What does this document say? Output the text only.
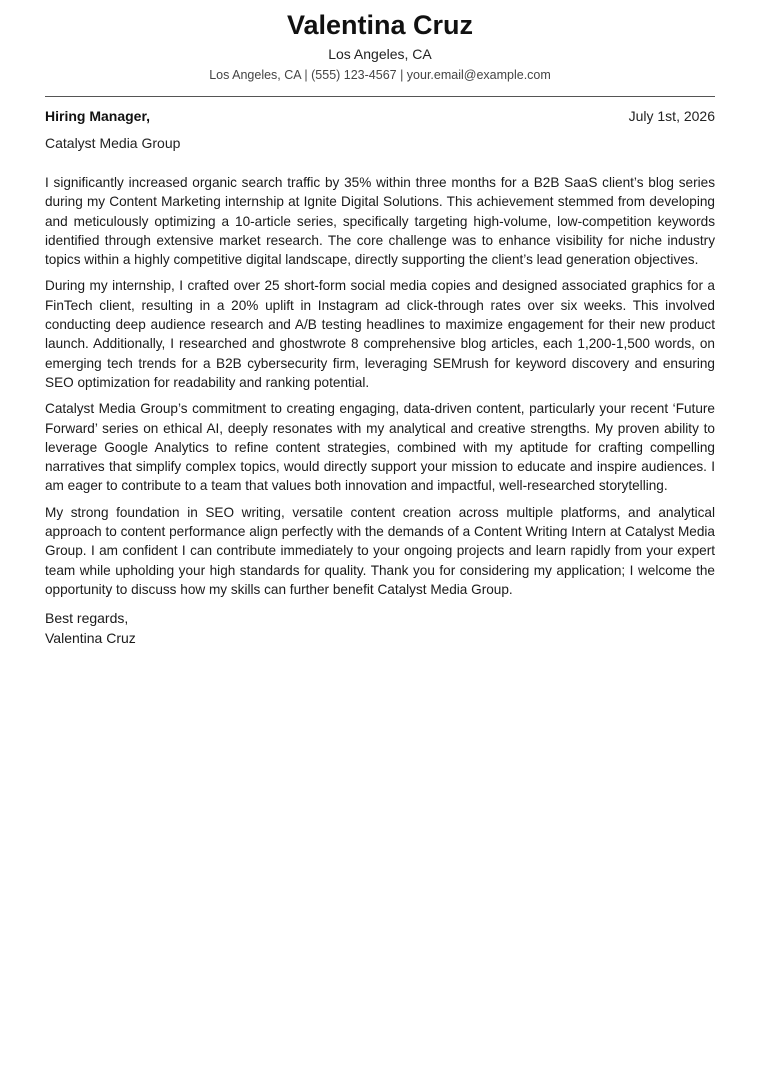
Valentina Cruz
Los Angeles, CA
Los Angeles, CA | (555) 123-4567 | your.email@example.com
Hiring Manager,	July 1st, 2026
Catalyst Media Group

I significantly increased organic search traffic by 35% within three months for a B2B SaaS client’s blog series during my Content Marketing internship at Ignite Digital Solutions. This achievement stemmed from developing and meticulously optimizing a 10-article series, specifically targeting high-volume, low-competition keywords identified through extensive market research. The core challenge was to enhance visibility for niche industry topics within a highly competitive digital landscape, directly supporting the client’s lead generation objectives.

During my internship, I crafted over 25 short-form social media copies and designed associated graphics for a FinTech client, resulting in a 20% uplift in Instagram ad click-through rates over six weeks. This involved conducting deep audience research and A/B testing headlines to maximize engagement for their new product launch. Additionally, I researched and ghostwrote 8 comprehensive blog articles, each 1,200-1,500 words, on emerging tech trends for a B2B cybersecurity firm, leveraging SEMrush for keyword discovery and ensuring SEO optimization for readability and ranking potential.

Catalyst Media Group’s commitment to creating engaging, data-driven content, particularly your recent ‘Future Forward’ series on ethical AI, deeply resonates with my analytical and creative strengths. My proven ability to leverage Google Analytics to refine content strategies, combined with my aptitude for crafting compelling narratives that simplify complex topics, would directly support your mission to educate and inspire audiences. I am eager to contribute to a team that values both innovation and impactful, well-researched storytelling.

My strong foundation in SEO writing, versatile content creation across multiple platforms, and analytical approach to content performance align perfectly with the demands of a Content Writing Intern at Catalyst Media Group. I am confident I can contribute immediately to your ongoing projects and learn rapidly from your expert team while upholding your high standards for quality. Thank you for considering my application; I welcome the opportunity to discuss how my skills can further benefit Catalyst Media Group.

Best regards,
Valentina Cruz
